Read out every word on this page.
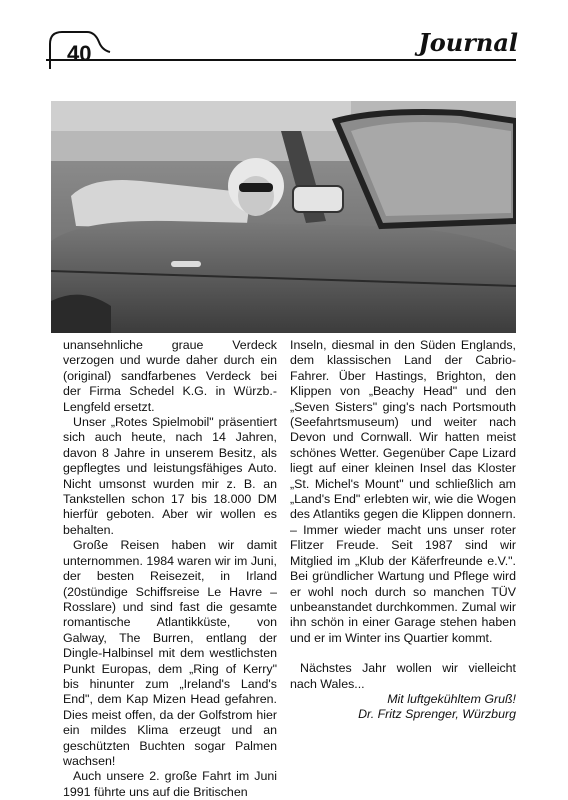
40	Journal

unansehnliche graue Verdeck verzogen und wurde daher durch ein (original) sandfarbenes Verdeck bei der Firma Schedel K.G. in Würzb.-Lengfeld ersetzt.

Unser „Rotes Spielmobil" präsentiert sich auch heute, nach 14 Jahren, davon 8 Jahre in unserem Besitz, als gepflegtes und leistungsfähiges Auto. Nicht umsonst wurden mir z. B. an Tankstellen schon 17 bis 18.000 DM hierfür geboten. Aber wir wollen es behalten.

Große Reisen haben wir damit unternommen. 1984 waren wir im Juni, der besten Reisezeit, in Irland (20stündige Schiffsreise Le Havre – Rosslare) und sind fast die gesamte romantische Atlantikküste, von Galway, The Burren, entlang der Dingle-Halbinsel mit dem westlichsten Punkt Europas, dem „Ring of Kerry" bis hinunter zum „Ireland's Land's End", dem Kap Mizen Head gefahren. Dies meist offen, da der Golfstrom hier ein mildes Klima erzeugt und an geschützten Buchten sogar Palmen wachsen!

Auch unsere 2. große Fahrt im Juni 1991 führte uns auf die Britischen

Inseln, diesmal in den Süden Englands, dem klassischen Land der Cabrio-Fahrer. Über Hastings, Brighton, den Klippen von „Beachy Head" und den „Seven Sisters" ging's nach Portsmouth (Seefahrtsmuseum) und weiter nach Devon und Cornwall. Wir hatten meist schönes Wetter. Gegenüber Cape Lizard liegt auf einer kleinen Insel das Kloster „St. Michel's Mount" und schließlich am „Land's End" erlebten wir, wie die Wogen des Atlantiks gegen die Klippen donnern. – Immer wieder macht uns unser roter Flitzer Freude. Seit 1987 sind wir Mitglied im „Klub der Käferfreunde e.V.". Bei gründlicher Wartung und Pflege wird er wohl noch durch so manchen TÜV unbeanstandet durchkommen. Zumal wir ihn schön in einer Garage stehen haben und er im Winter ins Quartier kommt.

Nächstes Jahr wollen wir vielleicht nach Wales...

Mit luftgekühltem Gruß!

Dr. Fritz Sprenger, Würzburg
